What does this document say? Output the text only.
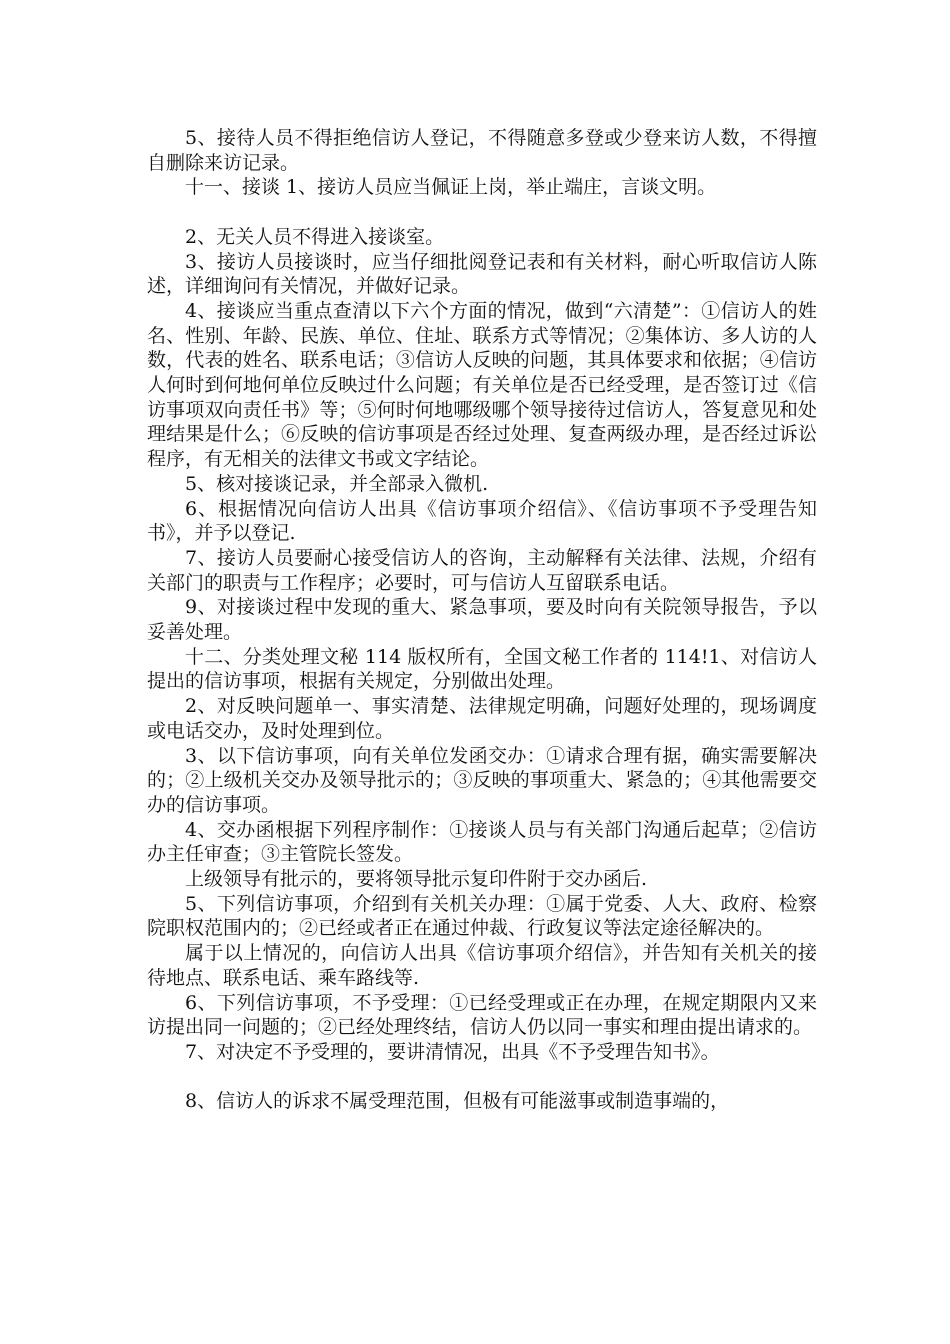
5、接待人员不得拒绝信访人登记，不得随意多登或少登来访人数，不得擅自删除来访记录。

十一、接谈 1、接访人员应当佩证上岗，举止端庄，言谈文明。

2、无关人员不得进入接谈室。

3、接访人员接谈时，应当仔细批阅登记表和有关材料，耐心听取信访人陈述，详细询问有关情况，并做好记录。

4、接谈应当重点查清以下六个方面的情况，做到“六清楚”：①信访人的姓名、性别、年龄、民族、单位、住址、联系方式等情况；②集体访、多人访的人数，代表的姓名、联系电话；③信访人反映的问题，其具体要求和依据；④信访人何时到何地何单位反映过什么问题；有关单位是否已经受理，是否签订过《信访事项双向责任书》等；⑤何时何地哪级哪个领导接待过信访人，答复意见和处理结果是什么；⑥反映的信访事项是否经过处理、复查两级办理，是否经过诉讼程序，有无相关的法律文书或文字结论。

5、核对接谈记录，并全部录入微机.

6、根据情况向信访人出具《信访事项介绍信》、《信访事项不予受理告知书》，并予以登记.

7、接访人员要耐心接受信访人的咨询，主动解释有关法律、法规，介绍有关部门的职责与工作程序；必要时，可与信访人互留联系电话。

9、对接谈过程中发现的重大、紧急事项，要及时向有关院领导报告，予以妥善处理。

十二、分类处理文秘 114 版权所有，全国文秘工作者的 114!1、对信访人提出的信访事项，根据有关规定，分别做出处理。

2、对反映问题单一、事实清楚、法律规定明确，问题好处理的，现场调度或电话交办，及时处理到位。

3、以下信访事项，向有关单位发函交办：①请求合理有据，确实需要解决的；②上级机关交办及领导批示的；③反映的事项重大、紧急的；④其他需要交办的信访事项。

4、交办函根据下列程序制作：①接谈人员与有关部门沟通后起草；②信访办主任审查；③主管院长签发。

上级领导有批示的，要将领导批示复印件附于交办函后.

5、下列信访事项，介绍到有关机关办理：①属于党委、人大、政府、检察院职权范围内的；②已经或者正在通过仲裁、行政复议等法定途径解决的。

属于以上情况的，向信访人出具《信访事项介绍信》，并告知有关机关的接待地点、联系电话、乘车路线等.

6、下列信访事项，不予受理：①已经受理或正在办理，在规定期限内又来访提出同一问题的；②已经处理终结，信访人仍以同一事实和理由提出请求的。

7、对决定不予受理的，要讲清情况，出具《不予受理告知书》。

8、信访人的诉求不属受理范围，但极有可能滋事或制造事端的，
